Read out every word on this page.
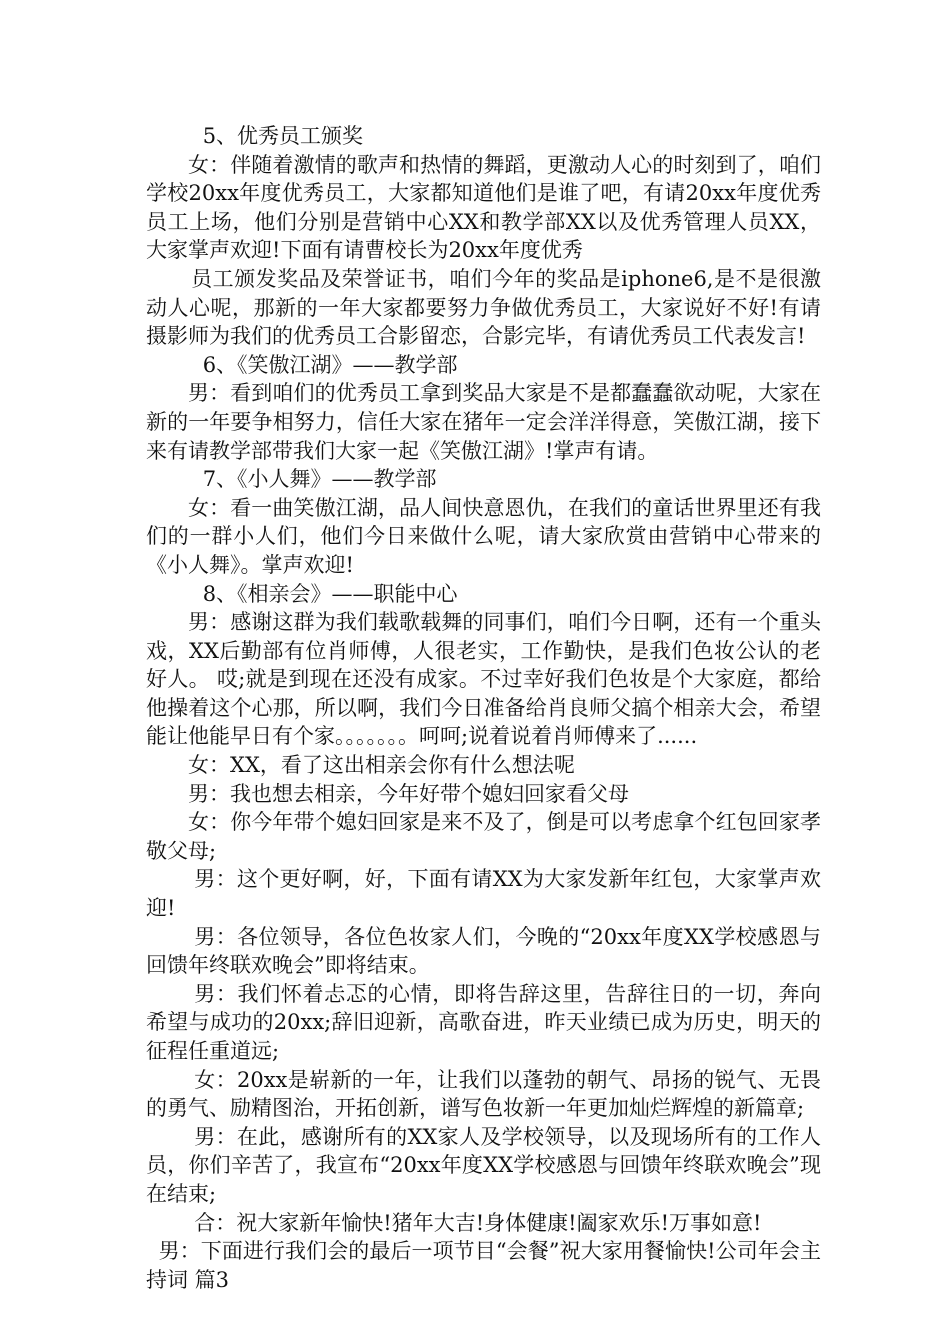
5、优秀员工颁奖

女：伴随着激情的歌声和热情的舞蹈，更激动人心的时刻到了，咱们学校20xx年度优秀员工，大家都知道他们是谁了吧，有请20xx年度优秀员工上场，他们分别是营销中心XX和教学部XX以及优秀管理人员XX，大家掌声欢迎!下面有请曹校长为20xx年度优秀

员工颁发奖品及荣誉证书，咱们今年的奖品是iphone6,是不是很激动人心呢，那新的一年大家都要努力争做优秀员工，大家说好不好!有请摄影师为我们的优秀员工合影留恋，合影完毕，有请优秀员工代表发言!

6、《笑傲江湖》——教学部

男：看到咱们的优秀员工拿到奖品大家是不是都蠢蠢欲动呢，大家在新的一年要争相努力，信任大家在猪年一定会洋洋得意，笑傲江湖，接下来有请教学部带我们大家一起《笑傲江湖》!掌声有请。

7、《小人舞》——教学部

女：看一曲笑傲江湖，品人间快意恩仇，在我们的童话世界里还有我们的一群小人们，他们今日来做什么呢，请大家欣赏由营销中心带来的《小人舞》。掌声欢迎!

8、《相亲会》——职能中心

男：感谢这群为我们载歌载舞的同事们，咱们今日啊，还有一个重头戏，XX后勤部有位肖师傅，人很老实，工作勤快，是我们色妆公认的老好人。 哎;就是到现在还没有成家。不过幸好我们色妆是个大家庭，都给他操着这个心那，所以啊，我们今日准备给肖良师父搞个相亲大会，希望能让他能早日有个家。。。。。。。呵呵;说着说着肖师傅来了......

女：XX，看了这出相亲会你有什么想法呢

男：我也想去相亲，今年好带个媳妇回家看父母

女：你今年带个媳妇回家是来不及了，倒是可以考虑拿个红包回家孝敬父母;

男：这个更好啊，好，下面有请XX为大家发新年红包，大家掌声欢迎!

男：各位领导，各位色妆家人们，今晚的“20xx年度XX学校感恩与回馈年终联欢晚会”即将结束。

男：我们怀着忐忑的心情，即将告辞这里，告辞往日的一切，奔向希望与成功的20xx;辞旧迎新，高歌奋进，昨天业绩已成为历史，明天的征程任重道远;

女：20xx是崭新的一年，让我们以蓬勃的朝气、昂扬的锐气、无畏的勇气、励精图治，开拓创新，谱写色妆新一年更加灿烂辉煌的新篇章;

男：在此，感谢所有的XX家人及学校领导，以及现场所有的工作人员，你们辛苦了，我宣布“20xx年度XX学校感恩与回馈年终联欢晚会”现在结束;

合：祝大家新年愉快!猪年大吉!身体健康!阖家欢乐!万事如意!

男：下面进行我们会的最后一项节目“会餐”祝大家用餐愉快!公司年会主持词 篇3
